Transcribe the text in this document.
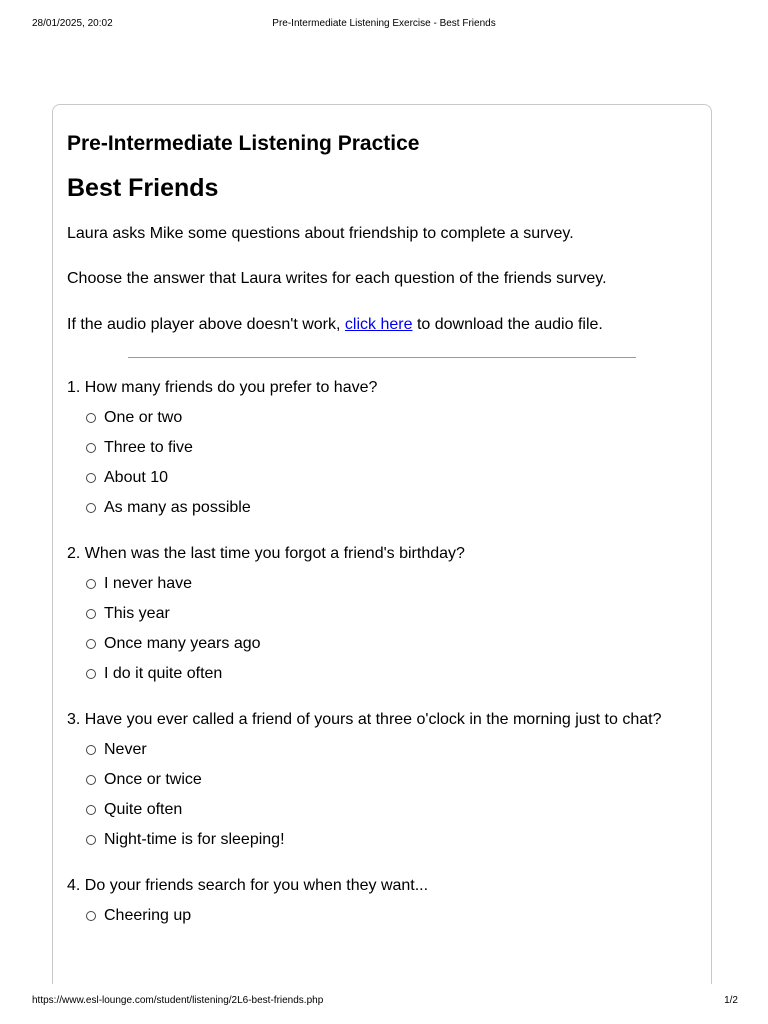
28/01/2025, 20:02	Pre-Intermediate Listening Exercise - Best Friends
Pre-Intermediate Listening Practice
Best Friends
Laura asks Mike some questions about friendship to complete a survey.
Choose the answer that Laura writes for each question of the friends survey.
If the audio player above doesn't work, click here to download the audio file.
1. How many friends do you prefer to have?
One or two
Three to five
About 10
As many as possible
2. When was the last time you forgot a friend's birthday?
I never have
This year
Once many years ago
I do it quite often
3. Have you ever called a friend of yours at three o'clock in the morning just to chat?
Never
Once or twice
Quite often
Night-time is for sleeping!
4. Do your friends search for you when they want...
Cheering up
https://www.esl-lounge.com/student/listening/2L6-best-friends.php	1/2
